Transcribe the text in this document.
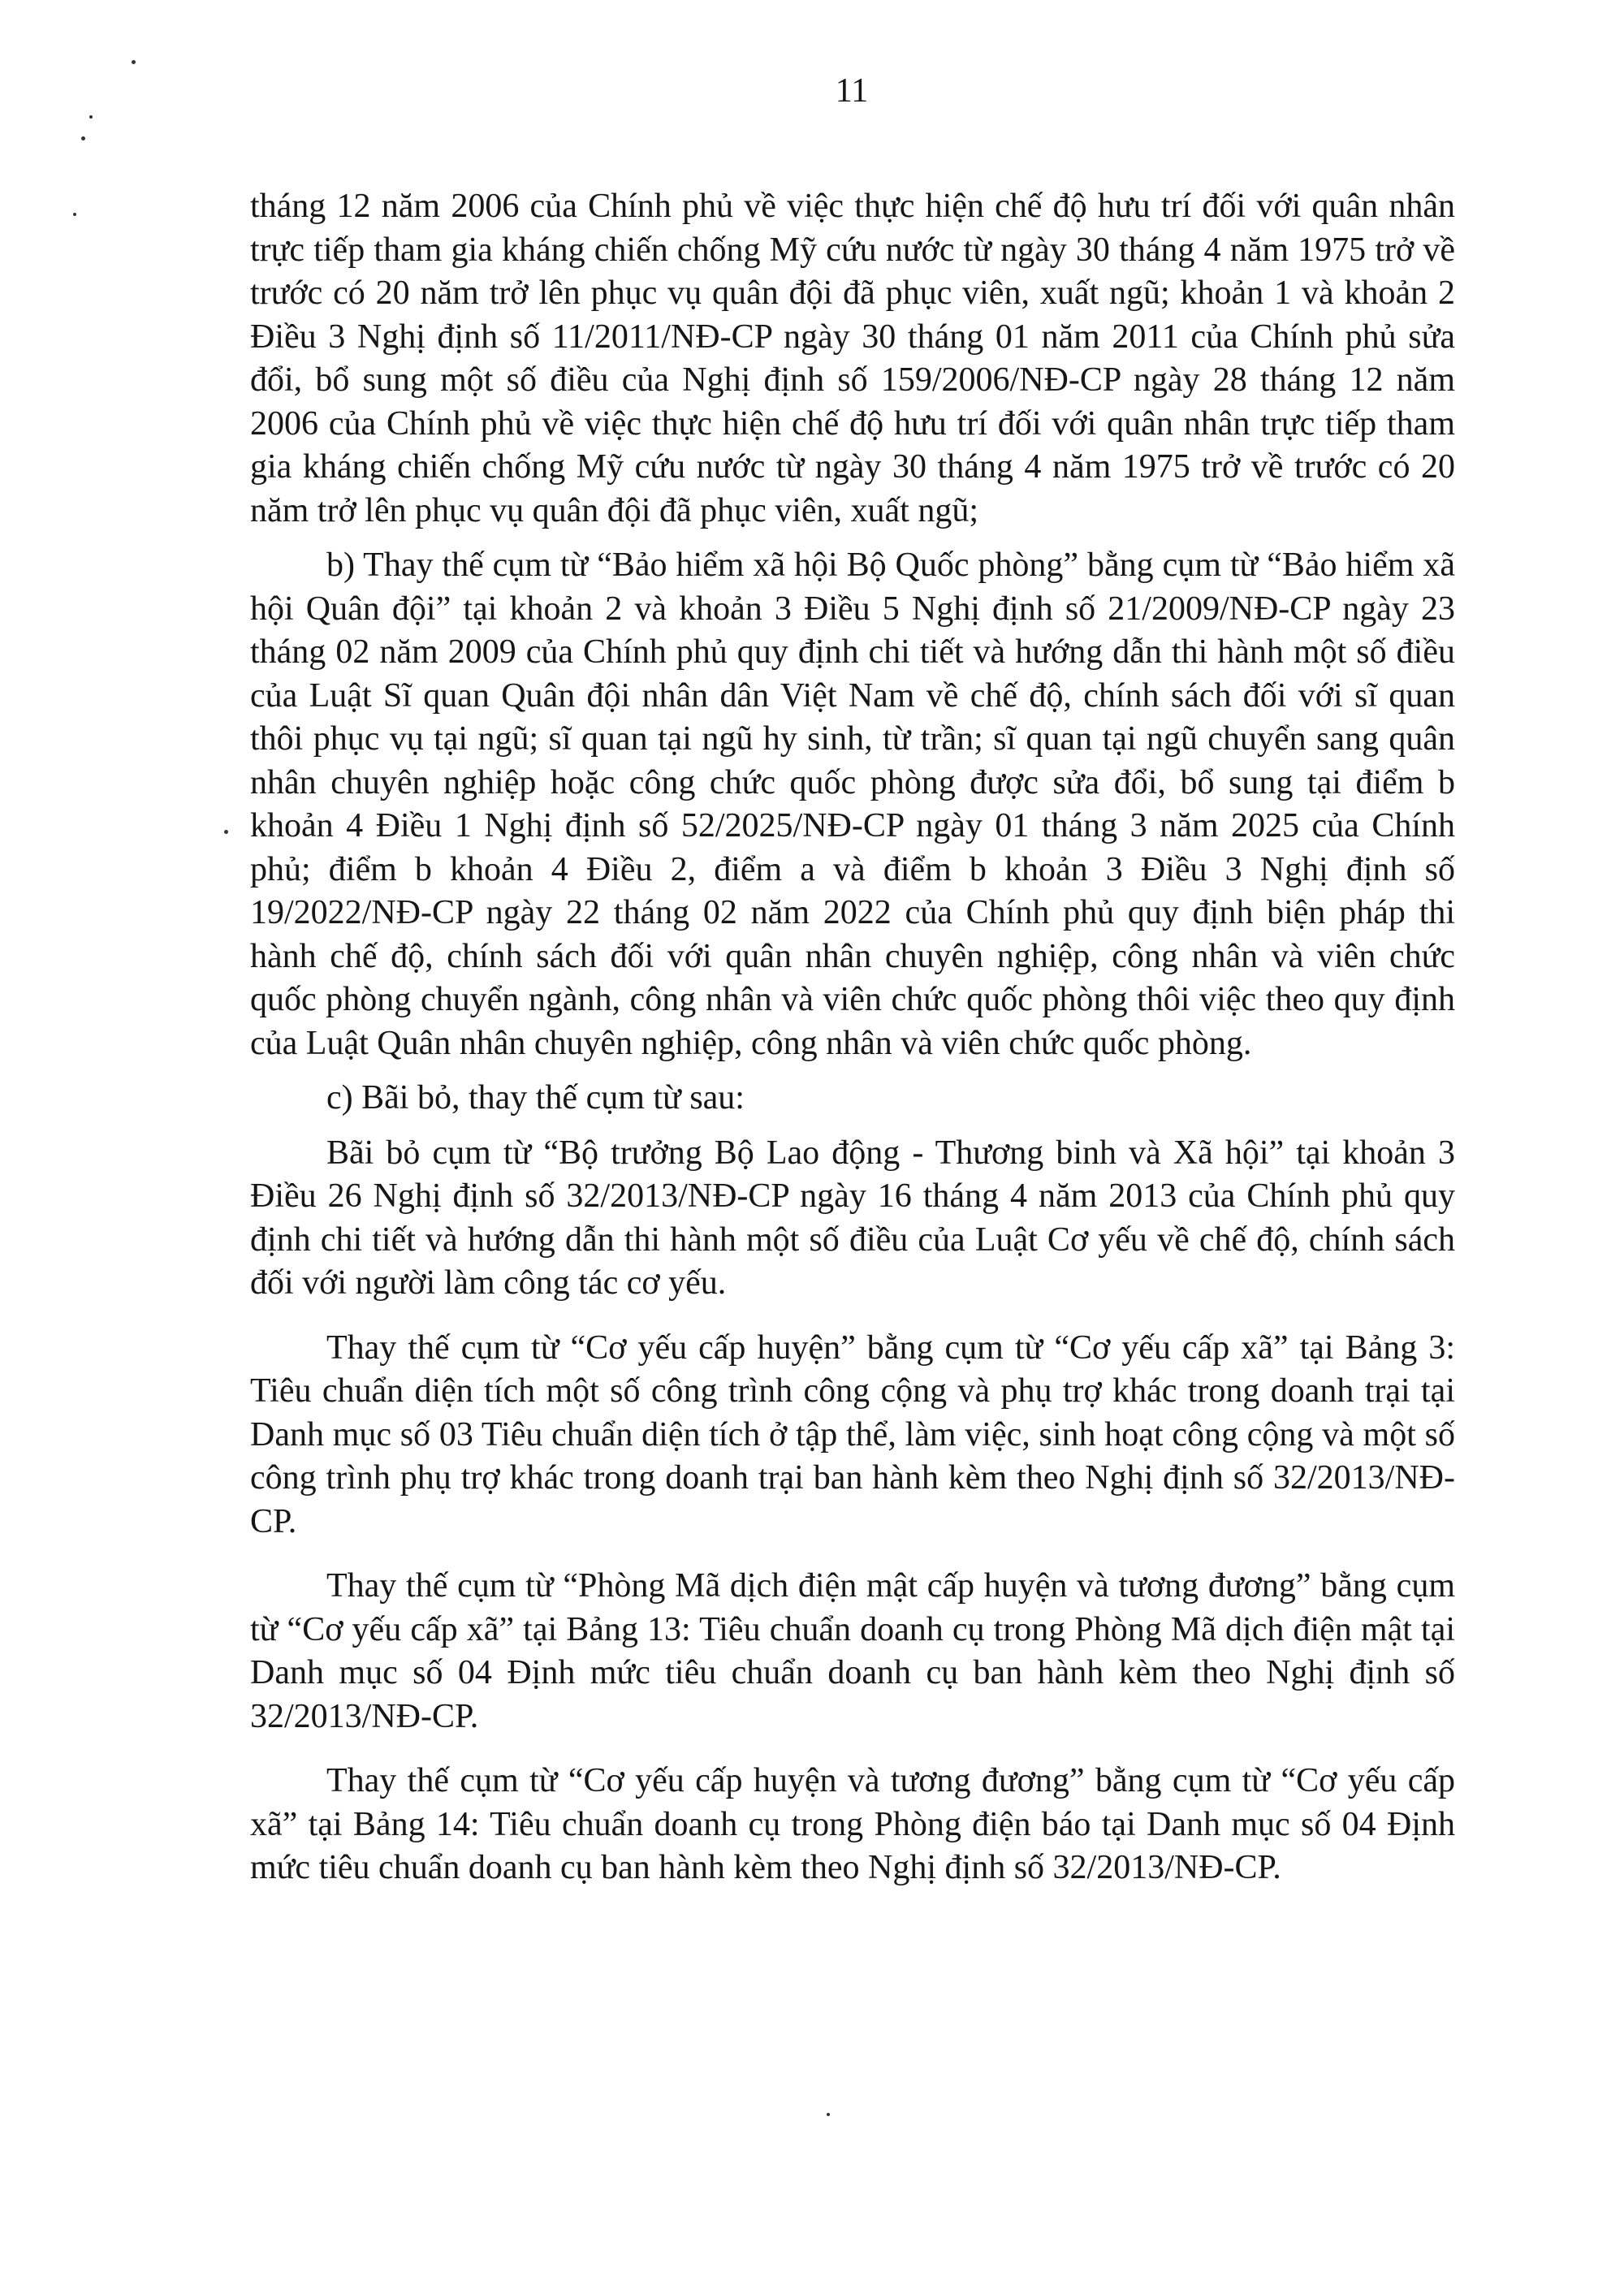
11

tháng 12 năm 2006 của Chính phủ về việc thực hiện chế độ hưu trí đối với quân nhân trực tiếp tham gia kháng chiến chống Mỹ cứu nước từ ngày 30 tháng 4 năm 1975 trở về trước có 20 năm trở lên phục vụ quân đội đã phục viên, xuất ngũ; khoản 1 và khoản 2 Điều 3 Nghị định số 11/2011/NĐ-CP ngày 30 tháng 01 năm 2011 của Chính phủ sửa đổi, bổ sung một số điều của Nghị định số 159/2006/NĐ-CP ngày 28 tháng 12 năm 2006 của Chính phủ về việc thực hiện chế độ hưu trí đối với quân nhân trực tiếp tham gia kháng chiến chống Mỹ cứu nước từ ngày 30 tháng 4 năm 1975 trở về trước có 20 năm trở lên phục vụ quân đội đã phục viên, xuất ngũ;

b) Thay thế cụm từ “Bảo hiểm xã hội Bộ Quốc phòng” bằng cụm từ “Bảo hiểm xã hội Quân đội” tại khoản 2 và khoản 3 Điều 5 Nghị định số 21/2009/NĐ-CP ngày 23 tháng 02 năm 2009 của Chính phủ quy định chi tiết và hướng dẫn thi hành một số điều của Luật Sĩ quan Quân đội nhân dân Việt Nam về chế độ, chính sách đối với sĩ quan thôi phục vụ tại ngũ; sĩ quan tại ngũ hy sinh, từ trần; sĩ quan tại ngũ chuyển sang quân nhân chuyên nghiệp hoặc công chức quốc phòng được sửa đổi, bổ sung tại điểm b khoản 4 Điều 1 Nghị định số 52/2025/NĐ-CP ngày 01 tháng 3 năm 2025 của Chính phủ; điểm b khoản 4 Điều 2, điểm a và điểm b khoản 3 Điều 3 Nghị định số 19/2022/NĐ-CP ngày 22 tháng 02 năm 2022 của Chính phủ quy định biện pháp thi hành chế độ, chính sách đối với quân nhân chuyên nghiệp, công nhân và viên chức quốc phòng chuyển ngành, công nhân và viên chức quốc phòng thôi việc theo quy định của Luật Quân nhân chuyên nghiệp, công nhân và viên chức quốc phòng.

c) Bãi bỏ, thay thế cụm từ sau:

Bãi bỏ cụm từ “Bộ trưởng Bộ Lao động - Thương binh và Xã hội” tại khoản 3 Điều 26 Nghị định số 32/2013/NĐ-CP ngày 16 tháng 4 năm 2013 của Chính phủ quy định chi tiết và hướng dẫn thi hành một số điều của Luật Cơ yếu về chế độ, chính sách đối với người làm công tác cơ yếu.

Thay thế cụm từ “Cơ yếu cấp huyện” bằng cụm từ “Cơ yếu cấp xã” tại Bảng 3: Tiêu chuẩn diện tích một số công trình công cộng và phụ trợ khác trong doanh trại tại Danh mục số 03 Tiêu chuẩn diện tích ở tập thể, làm việc, sinh hoạt công cộng và một số công trình phụ trợ khác trong doanh trại ban hành kèm theo Nghị định số 32/2013/NĐ-CP.

Thay thế cụm từ “Phòng Mã dịch điện mật cấp huyện và tương đương” bằng cụm từ “Cơ yếu cấp xã” tại Bảng 13: Tiêu chuẩn doanh cụ trong Phòng Mã dịch điện mật tại Danh mục số 04 Định mức tiêu chuẩn doanh cụ ban hành kèm theo Nghị định số 32/2013/NĐ-CP.

Thay thế cụm từ “Cơ yếu cấp huyện và tương đương” bằng cụm từ “Cơ yếu cấp xã” tại Bảng 14: Tiêu chuẩn doanh cụ trong Phòng điện báo tại Danh mục số 04 Định mức tiêu chuẩn doanh cụ ban hành kèm theo Nghị định số 32/2013/NĐ-CP.
